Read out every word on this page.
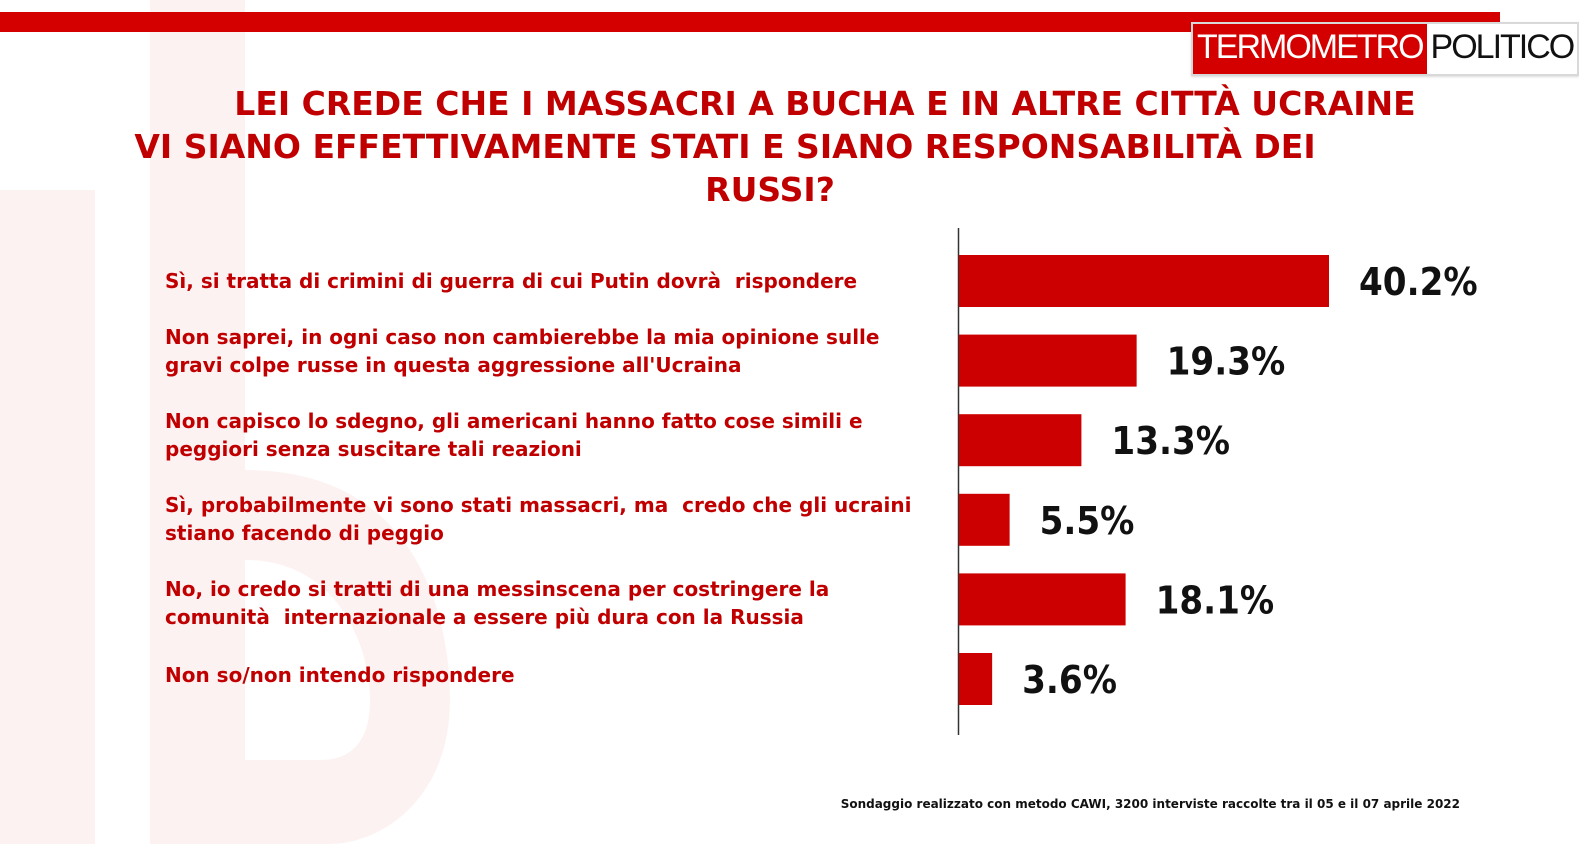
TERMOMETRO POLITICO
LEI CREDE CHE I MASSACRI A BUCHA E IN ALTRE CITTÀ UCRAINE
VI SIANO EFFETTIVAMENTE STATI E SIANO RESPONSABILITÀ DEI
RUSSI?
Sì, si tratta di crimini di guerra di cui Putin dovrà  rispondere
Non saprei, in ogni caso non cambierebbe la mia opinione sulle
gravi colpe russe in questa aggressione all'Ucraina
Non capisco lo sdegno, gli americani hanno fatto cose simili e
peggiori senza suscitare tali reazioni
Sì, probabilmente vi sono stati massacri, ma  credo che gli ucraini
stiano facendo di peggio
No, io credo si tratti di una messinscena per costringere la
comunità  internazionale a essere più dura con la Russia
Non so/non intendo rispondere
40.2%
19.3%
13.3%
5.5%
18.1%
3.6%
Sondaggio realizzato con metodo CAWI, 3200 interviste raccolte tra il 05 e il 07 aprile 2022
